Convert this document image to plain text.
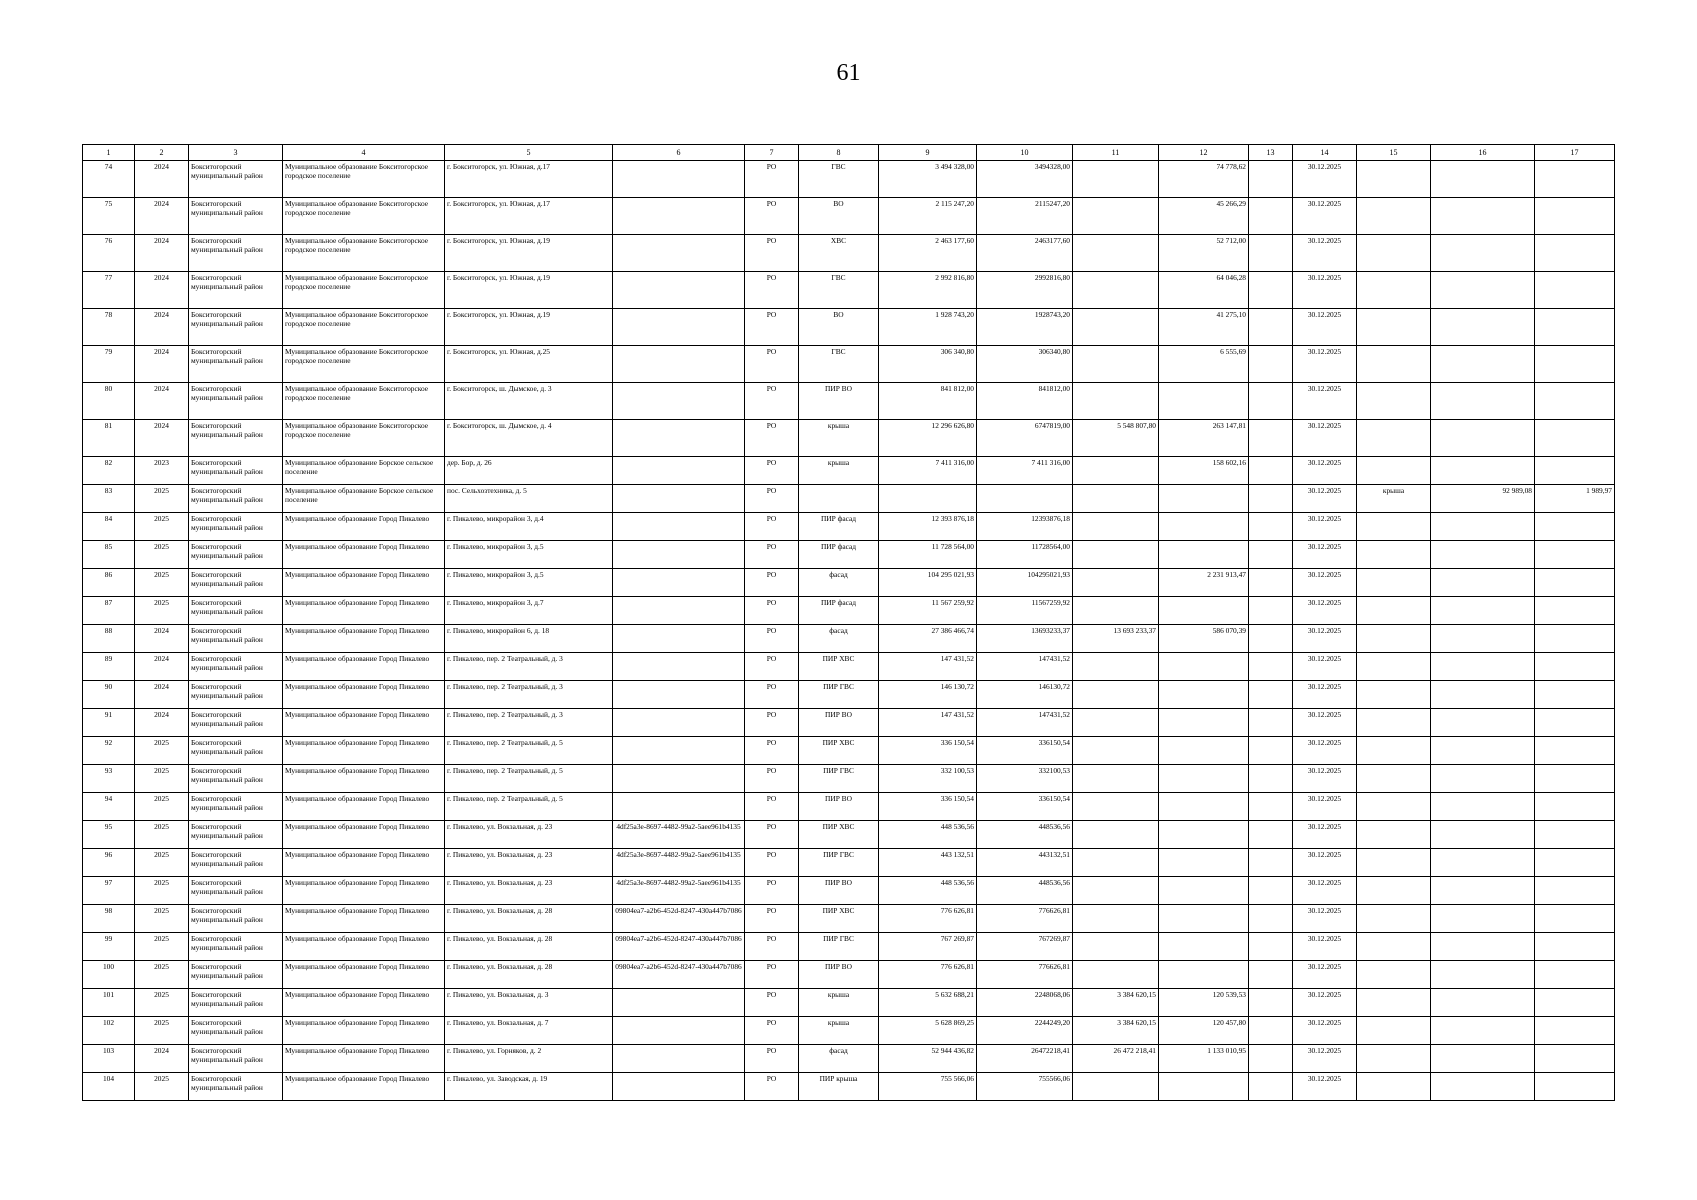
61
1	2	3	4	5	6	7	8	9	10	11	12	13	14	15	16	17
74	2024	Бокситогорский муниципальный район	Муниципальное образование Бокситогорское городское поселение	г. Бокситогорск, ул. Южная, д.17		РО	ГВС	3 494 328,00	3494328,00		74 778,62		30.12.2025			
75	2024	Бокситогорский муниципальный район	Муниципальное образование Бокситогорское городское поселение	г. Бокситогорск, ул. Южная, д.17		РО	ВО	2 115 247,20	2115247,20		45 266,29		30.12.2025			
76	2024	Бокситогорский муниципальный район	Муниципальное образование Бокситогорское городское поселение	г. Бокситогорск, ул. Южная, д.19		РО	ХВС	2 463 177,60	2463177,60		52 712,00		30.12.2025			
77	2024	Бокситогорский муниципальный район	Муниципальное образование Бокситогорское городское поселение	г. Бокситогорск, ул. Южная, д.19		РО	ГВС	2 992 816,80	2992816,80		64 046,28		30.12.2025			
78	2024	Бокситогорский муниципальный район	Муниципальное образование Бокситогорское городское поселение	г. Бокситогорск, ул. Южная, д.19		РО	ВО	1 928 743,20	1928743,20		41 275,10		30.12.2025			
79	2024	Бокситогорский муниципальный район	Муниципальное образование Бокситогорское городское поселение	г. Бокситогорск, ул. Южная, д.25		РО	ГВС	306 340,80	306340,80		6 555,69		30.12.2025			
80	2024	Бокситогорский муниципальный район	Муниципальное образование Бокситогорское городское поселение	г. Бокситогорск, ш. Дымское, д. 3		РО	ПИР ВО	841 812,00	841812,00				30.12.2025			
81	2024	Бокситогорский муниципальный район	Муниципальное образование Бокситогорское городское поселение	г. Бокситогорск, ш. Дымское, д. 4		РО	крыша	12 296 626,80	6747819,00	5 548 807,80	263 147,81		30.12.2025			
82	2023	Бокситогорский муниципальный район	Муниципальное образование Борское сельское поселение	дер. Бор, д. 26		РО	крыша	7 411 316,00	7 411 316,00		158 602,16		30.12.2025			
83	2025	Бокситогорский муниципальный район	Муниципальное образование Борское сельское поселение	пос. Сельхозтехника, д. 5		РО							30.12.2025	крыша	92 989,08	1 989,97
84	2025	Бокситогорский муниципальный район	Муниципальное образование Город Пикалево	г. Пикалево, микрорайон 3, д.4		РО	ПИР фасад	12 393 876,18	12393876,18				30.12.2025			
85	2025	Бокситогорский муниципальный район	Муниципальное образование Город Пикалево	г. Пикалево, микрорайон 3, д.5		РО	ПИР фасад	11 728 564,00	11728564,00				30.12.2025			
86	2025	Бокситогорский муниципальный район	Муниципальное образование Город Пикалево	г. Пикалево, микрорайон 3, д.5		РО	фасад	104 295 021,93	104295021,93		2 231 913,47		30.12.2025			
87	2025	Бокситогорский муниципальный район	Муниципальное образование Город Пикалево	г. Пикалево, микрорайон 3, д.7		РО	ПИР фасад	11 567 259,92	11567259,92				30.12.2025			
88	2024	Бокситогорский муниципальный район	Муниципальное образование Город Пикалево	г. Пикалево, микрорайон 6, д. 18		РО	фасад	27 386 466,74	13693233,37	13 693 233,37	586 070,39		30.12.2025			
89	2024	Бокситогорский муниципальный район	Муниципальное образование Город Пикалево	г. Пикалево, пер. 2 Театральный, д. 3		РО	ПИР ХВС	147 431,52	147431,52				30.12.2025			
90	2024	Бокситогорский муниципальный район	Муниципальное образование Город Пикалево	г. Пикалево, пер. 2 Театральный, д. 3		РО	ПИР ГВС	146 130,72	146130,72				30.12.2025			
91	2024	Бокситогорский муниципальный район	Муниципальное образование Город Пикалево	г. Пикалево, пер. 2 Театральный, д. 3		РО	ПИР ВО	147 431,52	147431,52				30.12.2025			
92	2025	Бокситогорский муниципальный район	Муниципальное образование Город Пикалево	г. Пикалево, пер. 2 Театральный, д. 5		РО	ПИР ХВС	336 150,54	336150,54				30.12.2025			
93	2025	Бокситогорский муниципальный район	Муниципальное образование Город Пикалево	г. Пикалево, пер. 2 Театральный, д. 5		РО	ПИР ГВС	332 100,53	332100,53				30.12.2025			
94	2025	Бокситогорский муниципальный район	Муниципальное образование Город Пикалево	г. Пикалево, пер. 2 Театральный, д. 5		РО	ПИР ВО	336 150,54	336150,54				30.12.2025			
95	2025	Бокситогорский муниципальный район	Муниципальное образование Город Пикалево	г. Пикалево, ул. Вокзальная, д. 23	4df25a3e-8697-4482-99a2-5aee961b4135	РО	ПИР ХВС	448 536,56	448536,56				30.12.2025			
96	2025	Бокситогорский муниципальный район	Муниципальное образование Город Пикалево	г. Пикалево, ул. Вокзальная, д. 23	4df25a3e-8697-4482-99a2-5aee961b4135	РО	ПИР ГВС	443 132,51	443132,51				30.12.2025			
97	2025	Бокситогорский муниципальный район	Муниципальное образование Город Пикалево	г. Пикалево, ул. Вокзальная, д. 23	4df25a3e-8697-4482-99a2-5aee961b4135	РО	ПИР ВО	448 536,56	448536,56				30.12.2025			
98	2025	Бокситогорский муниципальный район	Муниципальное образование Город Пикалево	г. Пикалево, ул. Вокзальная, д. 28	09804ea7-a2b6-452d-8247-430a447b7086	РО	ПИР ХВС	776 626,81	776626,81				30.12.2025			
99	2025	Бокситогорский муниципальный район	Муниципальное образование Город Пикалево	г. Пикалево, ул. Вокзальная, д. 28	09804ea7-a2b6-452d-8247-430a447b7086	РО	ПИР ГВС	767 269,87	767269,87				30.12.2025			
100	2025	Бокситогорский муниципальный район	Муниципальное образование Город Пикалево	г. Пикалево, ул. Вокзальная, д. 28	09804ea7-a2b6-452d-8247-430a447b7086	РО	ПИР ВО	776 626,81	776626,81				30.12.2025			
101	2025	Бокситогорский муниципальный район	Муниципальное образование Город Пикалево	г. Пикалево, ул. Вокзальная, д. 3		РО	крыша	5 632 688,21	2248068,06	3 384 620,15	120 539,53		30.12.2025			
102	2025	Бокситогорский муниципальный район	Муниципальное образование Город Пикалево	г. Пикалево, ул. Вокзальная, д. 7		РО	крыша	5 628 869,25	2244249,20	3 384 620,15	120 457,80		30.12.2025			
103	2024	Бокситогорский муниципальный район	Муниципальное образование Город Пикалево	г. Пикалево, ул. Горняков, д. 2		РО	фасад	52 944 436,82	26472218,41	26 472 218,41	1 133 010,95		30.12.2025			
104	2025	Бокситогорский муниципальный район	Муниципальное образование Город Пикалево	г. Пикалево, ул. Заводская, д. 19		РО	ПИР крыша	755 566,06	755566,06				30.12.2025			
